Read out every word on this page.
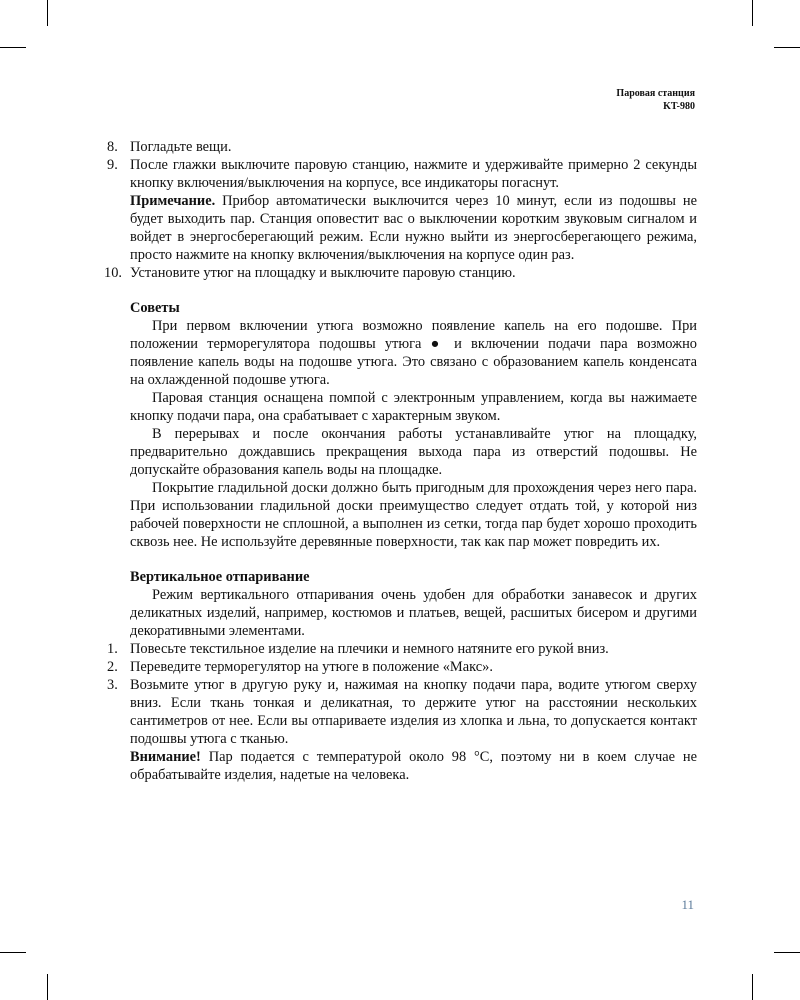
Паровая станция
KT-980
8. Погладьте вещи.
9. После глажки выключите паровую станцию, нажмите и удерживайте примерно 2 секунды кнопку включения/выключения на корпусе, все индикаторы погаснут.
Примечание. Прибор автоматически выключится через 10 минут, если из подошвы не будет выходить пар. Станция оповестит вас о выключении коротким звуковым сигналом и войдет в энергосберегающий режим. Если нужно выйти из энергосберегающего режима, просто нажмите на кнопку включения/выключения на корпусе один раз.
10. Установите утюг на площадку и выключите паровую станцию.
Советы
При первом включении утюга возможно появление капель на его подошве. При положении терморегулятора подошвы утюга ● и включении подачи пара возможно появление капель воды на подошве утюга. Это связано с образованием капель конденсата на охлажденной подошве утюга.
Паровая станция оснащена помпой с электронным управлением, когда вы нажимаете кнопку подачи пара, она срабатывает с характерным звуком.
В перерывах и после окончания работы устанавливайте утюг на площадку, предварительно дождавшись прекращения выхода пара из отверстий подошвы. Не допускайте образования капель воды на площадке.
Покрытие гладильной доски должно быть пригодным для прохождения через него пара. При использовании гладильной доски преимущество следует отдать той, у которой низ рабочей поверхности не сплошной, а выполнен из сетки, тогда пар будет хорошо проходить сквозь нее. Не используйте деревянные поверхности, так как пар может повредить их.
Вертикальное отпаривание
Режим вертикального отпаривания очень удобен для обработки занавесок и других деликатных изделий, например, костюмов и платьев, вещей, расшитых бисером и другими декоративными элементами.
1. Повесьте текстильное изделие на плечики и немного натяните его рукой вниз.
2. Переведите терморегулятор на утюге в положение «Макс».
3. Возьмите утюг в другую руку и, нажимая на кнопку подачи пара, водите утюгом сверху вниз. Если ткань тонкая и деликатная, то держите утюг на расстоянии нескольких сантиметров от нее. Если вы отпариваете изделия из хлопка и льна, то допускается контакт подошвы утюга с тканью.
Внимание! Пар подается с температурой около 98 °C, поэтому ни в коем случае не обрабатывайте изделия, надетые на человека.
11
